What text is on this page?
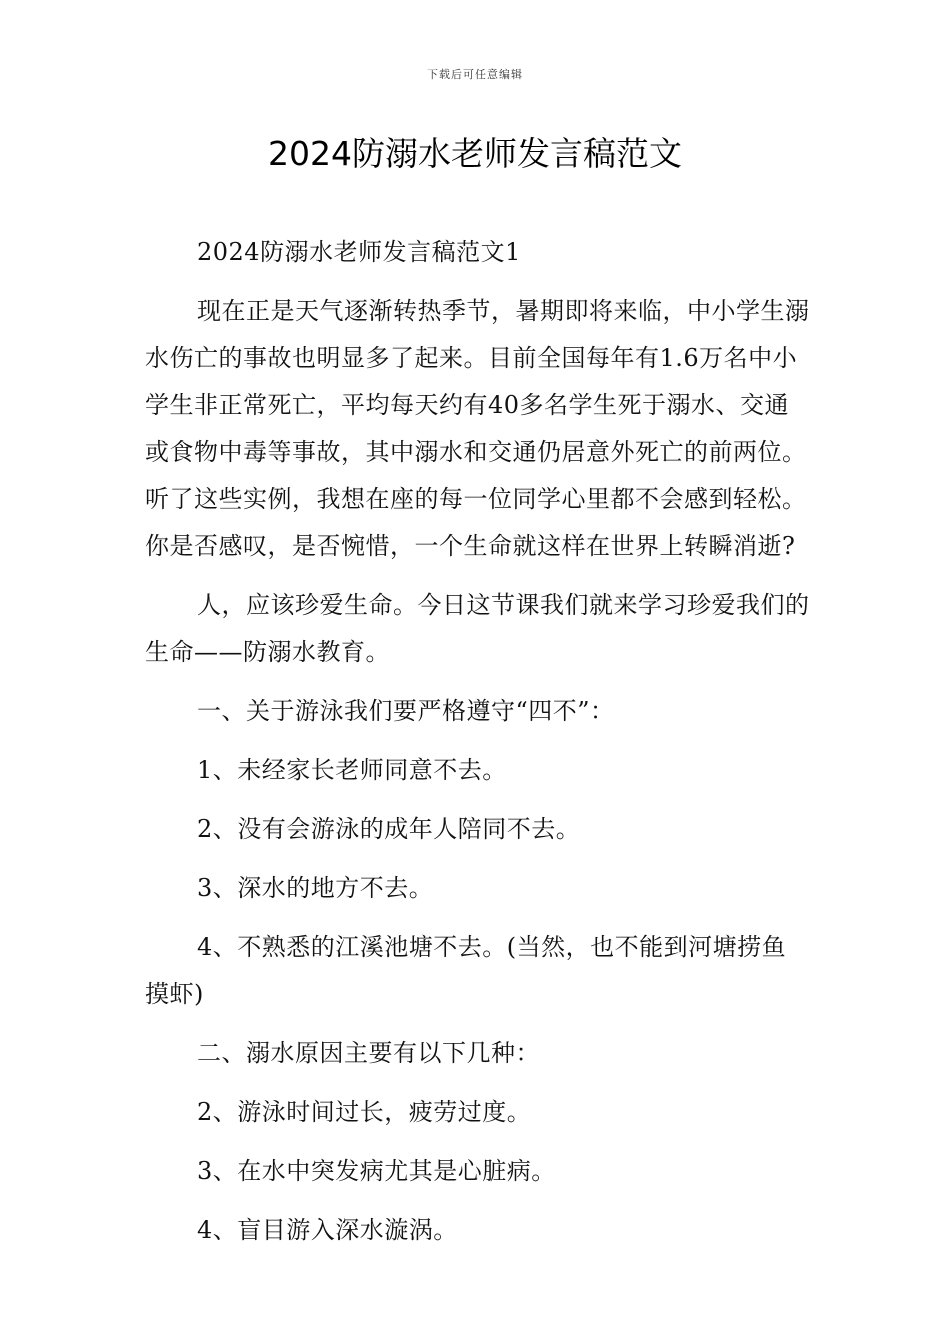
下载后可任意编辑
2024防溺水老师发言稿范文

2024防溺水老师发言稿范文1

现在正是天气逐渐转热季节，暑期即将来临，中小学生溺水伤亡的事故也明显多了起来。目前全国每年有1.6万名中小学生非正常死亡，平均每天约有40多名学生死于溺水、交通或食物中毒等事故，其中溺水和交通仍居意外死亡的前两位。听了这些实例，我想在座的每一位同学心里都不会感到轻松。你是否感叹，是否惋惜，一个生命就这样在世界上转瞬消逝?

人，应该珍爱生命。今日这节课我们就来学习珍爱我们的生命——防溺水教育。

一、关于游泳我们要严格遵守“四不”：

1、未经家长老师同意不去。

2、没有会游泳的成年人陪同不去。

3、深水的地方不去。

4、不熟悉的江溪池塘不去。(当然，也不能到河塘捞鱼摸虾)

二、溺水原因主要有以下几种：

2、游泳时间过长，疲劳过度。

3、在水中突发病尤其是心脏病。

4、盲目游入深水漩涡。
